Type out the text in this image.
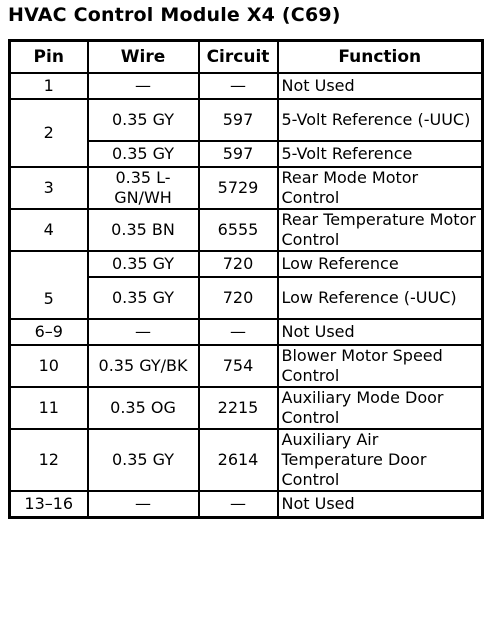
HVAC Control Module X4 (C69)
Pin	Wire	Circuit	Function
1	—	—	Not Used
2	0.35 GY	597	5-Volt Reference (-UUC)
	0.35 GY	597	5-Volt Reference
3	0.35 L-GN/WH	5729	Rear Mode Motor Control
4	0.35 BN	6555	Rear Temperature Motor Control
5	0.35 GY	720	Low Reference
	0.35 GY	720	Low Reference (-UUC)
6–9	—	—	Not Used
10	0.35 GY/BK	754	Blower Motor Speed Control
11	0.35 OG	2215	Auxiliary Mode Door Control
12	0.35 GY	2614	Auxiliary Air Temperature Door Control
13–16	—	—	Not Used
